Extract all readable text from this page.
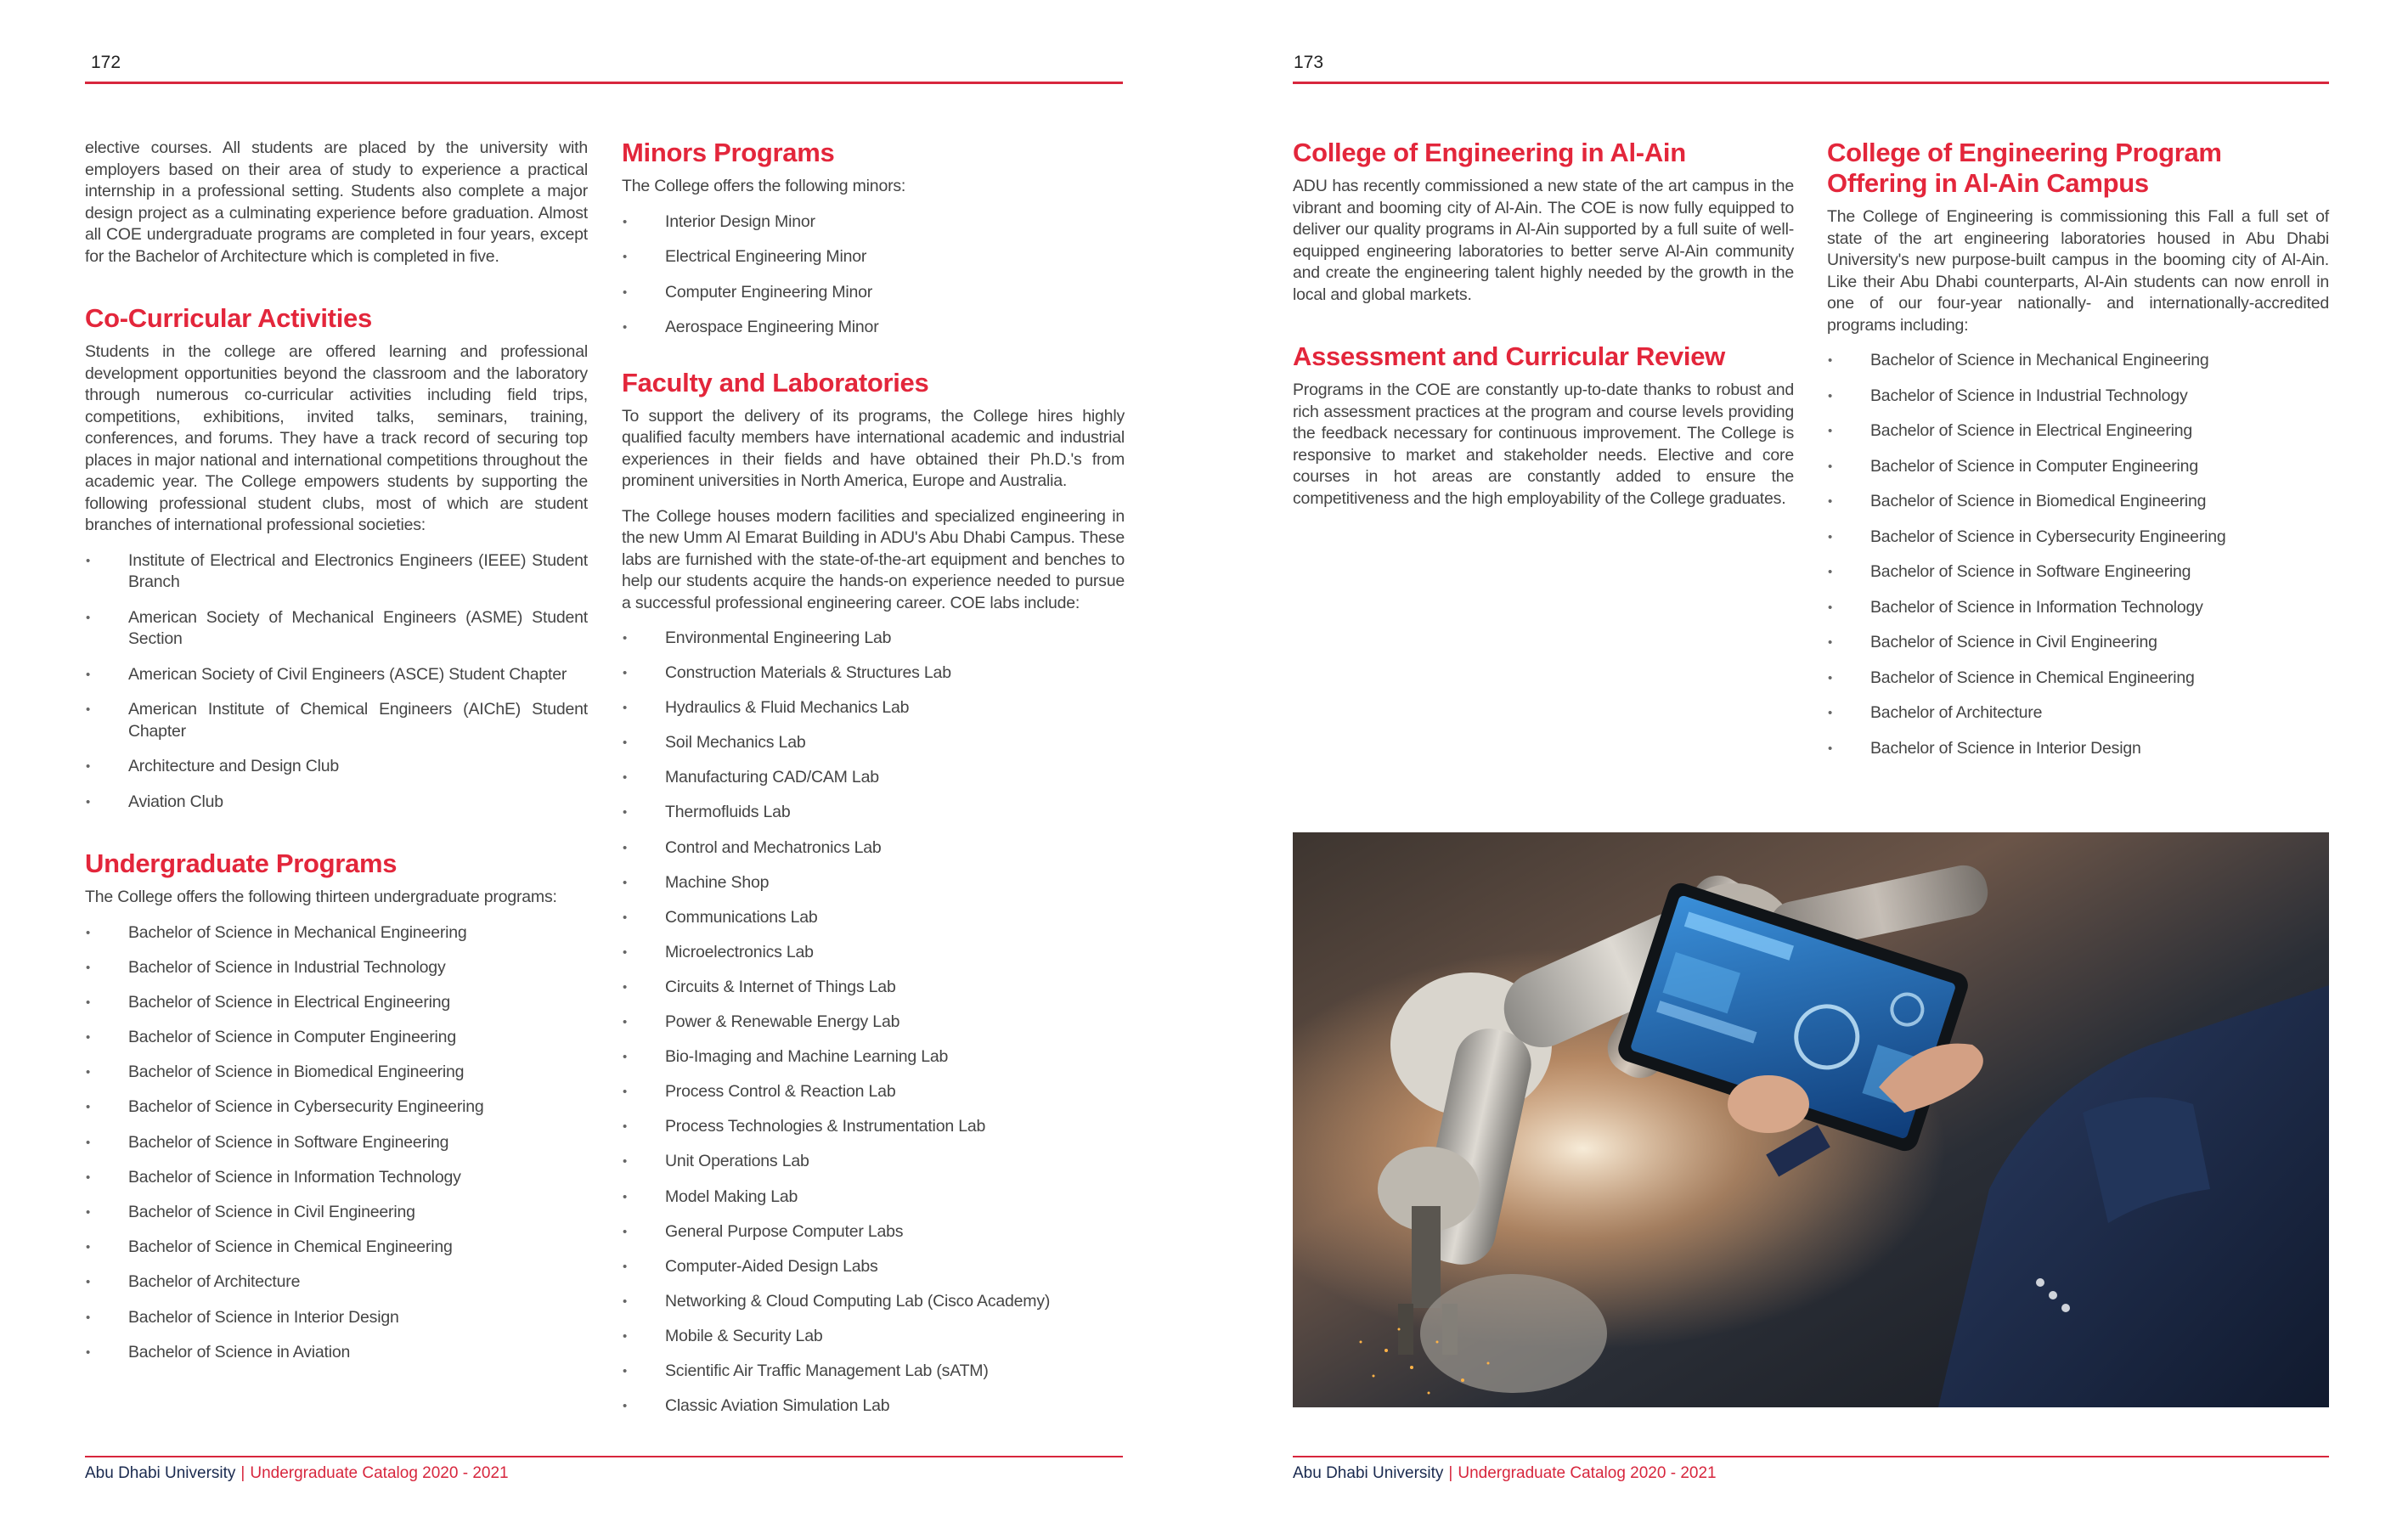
172

elective courses. All students are placed by the university with employers based on their area of study to experience a practical internship in a professional setting. Students also complete a major design project as a culminating experience before graduation. Almost all COE undergraduate programs are completed in four years, except for the Bachelor of Architecture which is completed in five.

Co-Curricular Activities

Students in the college are offered learning and professional development opportunities beyond the classroom and the laboratory through numerous co-curricular activities including field trips, competitions, exhibitions, invited talks, seminars, training, conferences, and forums. They have a track record of securing top places in major national and international competitions throughout the academic year. The College empowers students by supporting the following professional student clubs, most of which are student branches of international professional societies:

• Institute of Electrical and Electronics Engineers (IEEE) Student Branch
• American Society of Mechanical Engineers (ASME) Student Section
• American Society of Civil Engineers (ASCE) Student Chapter
• American Institute of Chemical Engineers (AIChE) Student Chapter
• Architecture and Design Club
• Aviation Club
Undergraduate Programs

The College offers the following thirteen undergraduate programs:

• Bachelor of Science in Mechanical Engineering
• Bachelor of Science in Industrial Technology
• Bachelor of Science in Electrical Engineering
• Bachelor of Science in Computer Engineering
• Bachelor of Science in Biomedical Engineering
• Bachelor of Science in Cybersecurity Engineering
• Bachelor of Science in Software Engineering
• Bachelor of Science in Information Technology
• Bachelor of Science in Civil Engineering
• Bachelor of Science in Chemical Engineering
• Bachelor of Architecture
• Bachelor of Science in Interior Design
• Bachelor of Science in Aviation
Minors Programs

The College offers the following minors:

• Interior Design Minor
• Electrical Engineering Minor
• Computer Engineering Minor
• Aerospace Engineering Minor
Faculty and Laboratories

To support the delivery of its programs, the College hires highly qualified faculty members have international academic and industrial experiences in their fields and have obtained their Ph.D.'s from prominent universities in North America, Europe and Australia.

The College houses modern facilities and specialized engineering in the new Umm Al Emarat Building in ADU's Abu Dhabi Campus. These labs are furnished with the state-of-the-art equipment and benches to help our students acquire the hands-on experience needed to pursue a successful professional engineering career. COE labs include:

• Environmental Engineering Lab
• Construction Materials & Structures Lab
• Hydraulics & Fluid Mechanics Lab
• Soil Mechanics Lab
• Manufacturing CAD/CAM Lab
• Thermofluids Lab
• Control and Mechatronics Lab
• Machine Shop
• Communications Lab
• Microelectronics Lab
• Circuits & Internet of Things Lab
• Power & Renewable Energy Lab
• Bio-Imaging and Machine Learning Lab
• Process Control & Reaction Lab
• Process Technologies & Instrumentation Lab
• Unit Operations Lab
• Model Making Lab
• General Purpose Computer Labs
• Computer-Aided Design Labs
• Networking & Cloud Computing Lab (Cisco Academy)
• Mobile & Security Lab
• Scientific Air Traffic Management Lab (sATM)
• Classic Aviation Simulation Lab
Abu Dhabi University | Undergraduate Catalog 2020 - 2021
173
College of Engineering in Al-Ain

ADU has recently commissioned a new state of the art campus in the vibrant and booming city of Al-Ain. The COE is now fully equipped to deliver our quality programs in Al-Ain supported by a full suite of well-equipped engineering laboratories to better serve Al-Ain community and create the engineering talent highly needed by the growth in the local and global markets.

Assessment and Curricular Review

Programs in the COE are constantly up-to-date thanks to robust and rich assessment practices at the program and course levels providing the feedback necessary for continuous improvement. The College is responsive to market and stakeholder needs. Elective and core courses in hot areas are constantly added to ensure the competitiveness and the high employability of the College graduates.

College of Engineering Program Offering in Al-Ain Campus

The College of Engineering is commissioning this Fall a full set of state of the art engineering laboratories housed in Abu Dhabi University's new purpose-built campus in the booming city of Al-Ain. Like their Abu Dhabi counterparts, Al-Ain students can now enroll in one of our four-year nationally- and internationally-accredited programs including:

• Bachelor of Science in Mechanical Engineering
• Bachelor of Science in Industrial Technology
• Bachelor of Science in Electrical Engineering
• Bachelor of Science in Computer Engineering
• Bachelor of Science in Biomedical Engineering
• Bachelor of Science in Cybersecurity Engineering
• Bachelor of Science in Software Engineering
• Bachelor of Science in Information Technology
• Bachelor of Science in Civil Engineering
• Bachelor of Science in Chemical Engineering
• Bachelor of Architecture
• Bachelor of Science in Interior Design
Abu Dhabi University | Undergraduate Catalog 2020 - 2021
